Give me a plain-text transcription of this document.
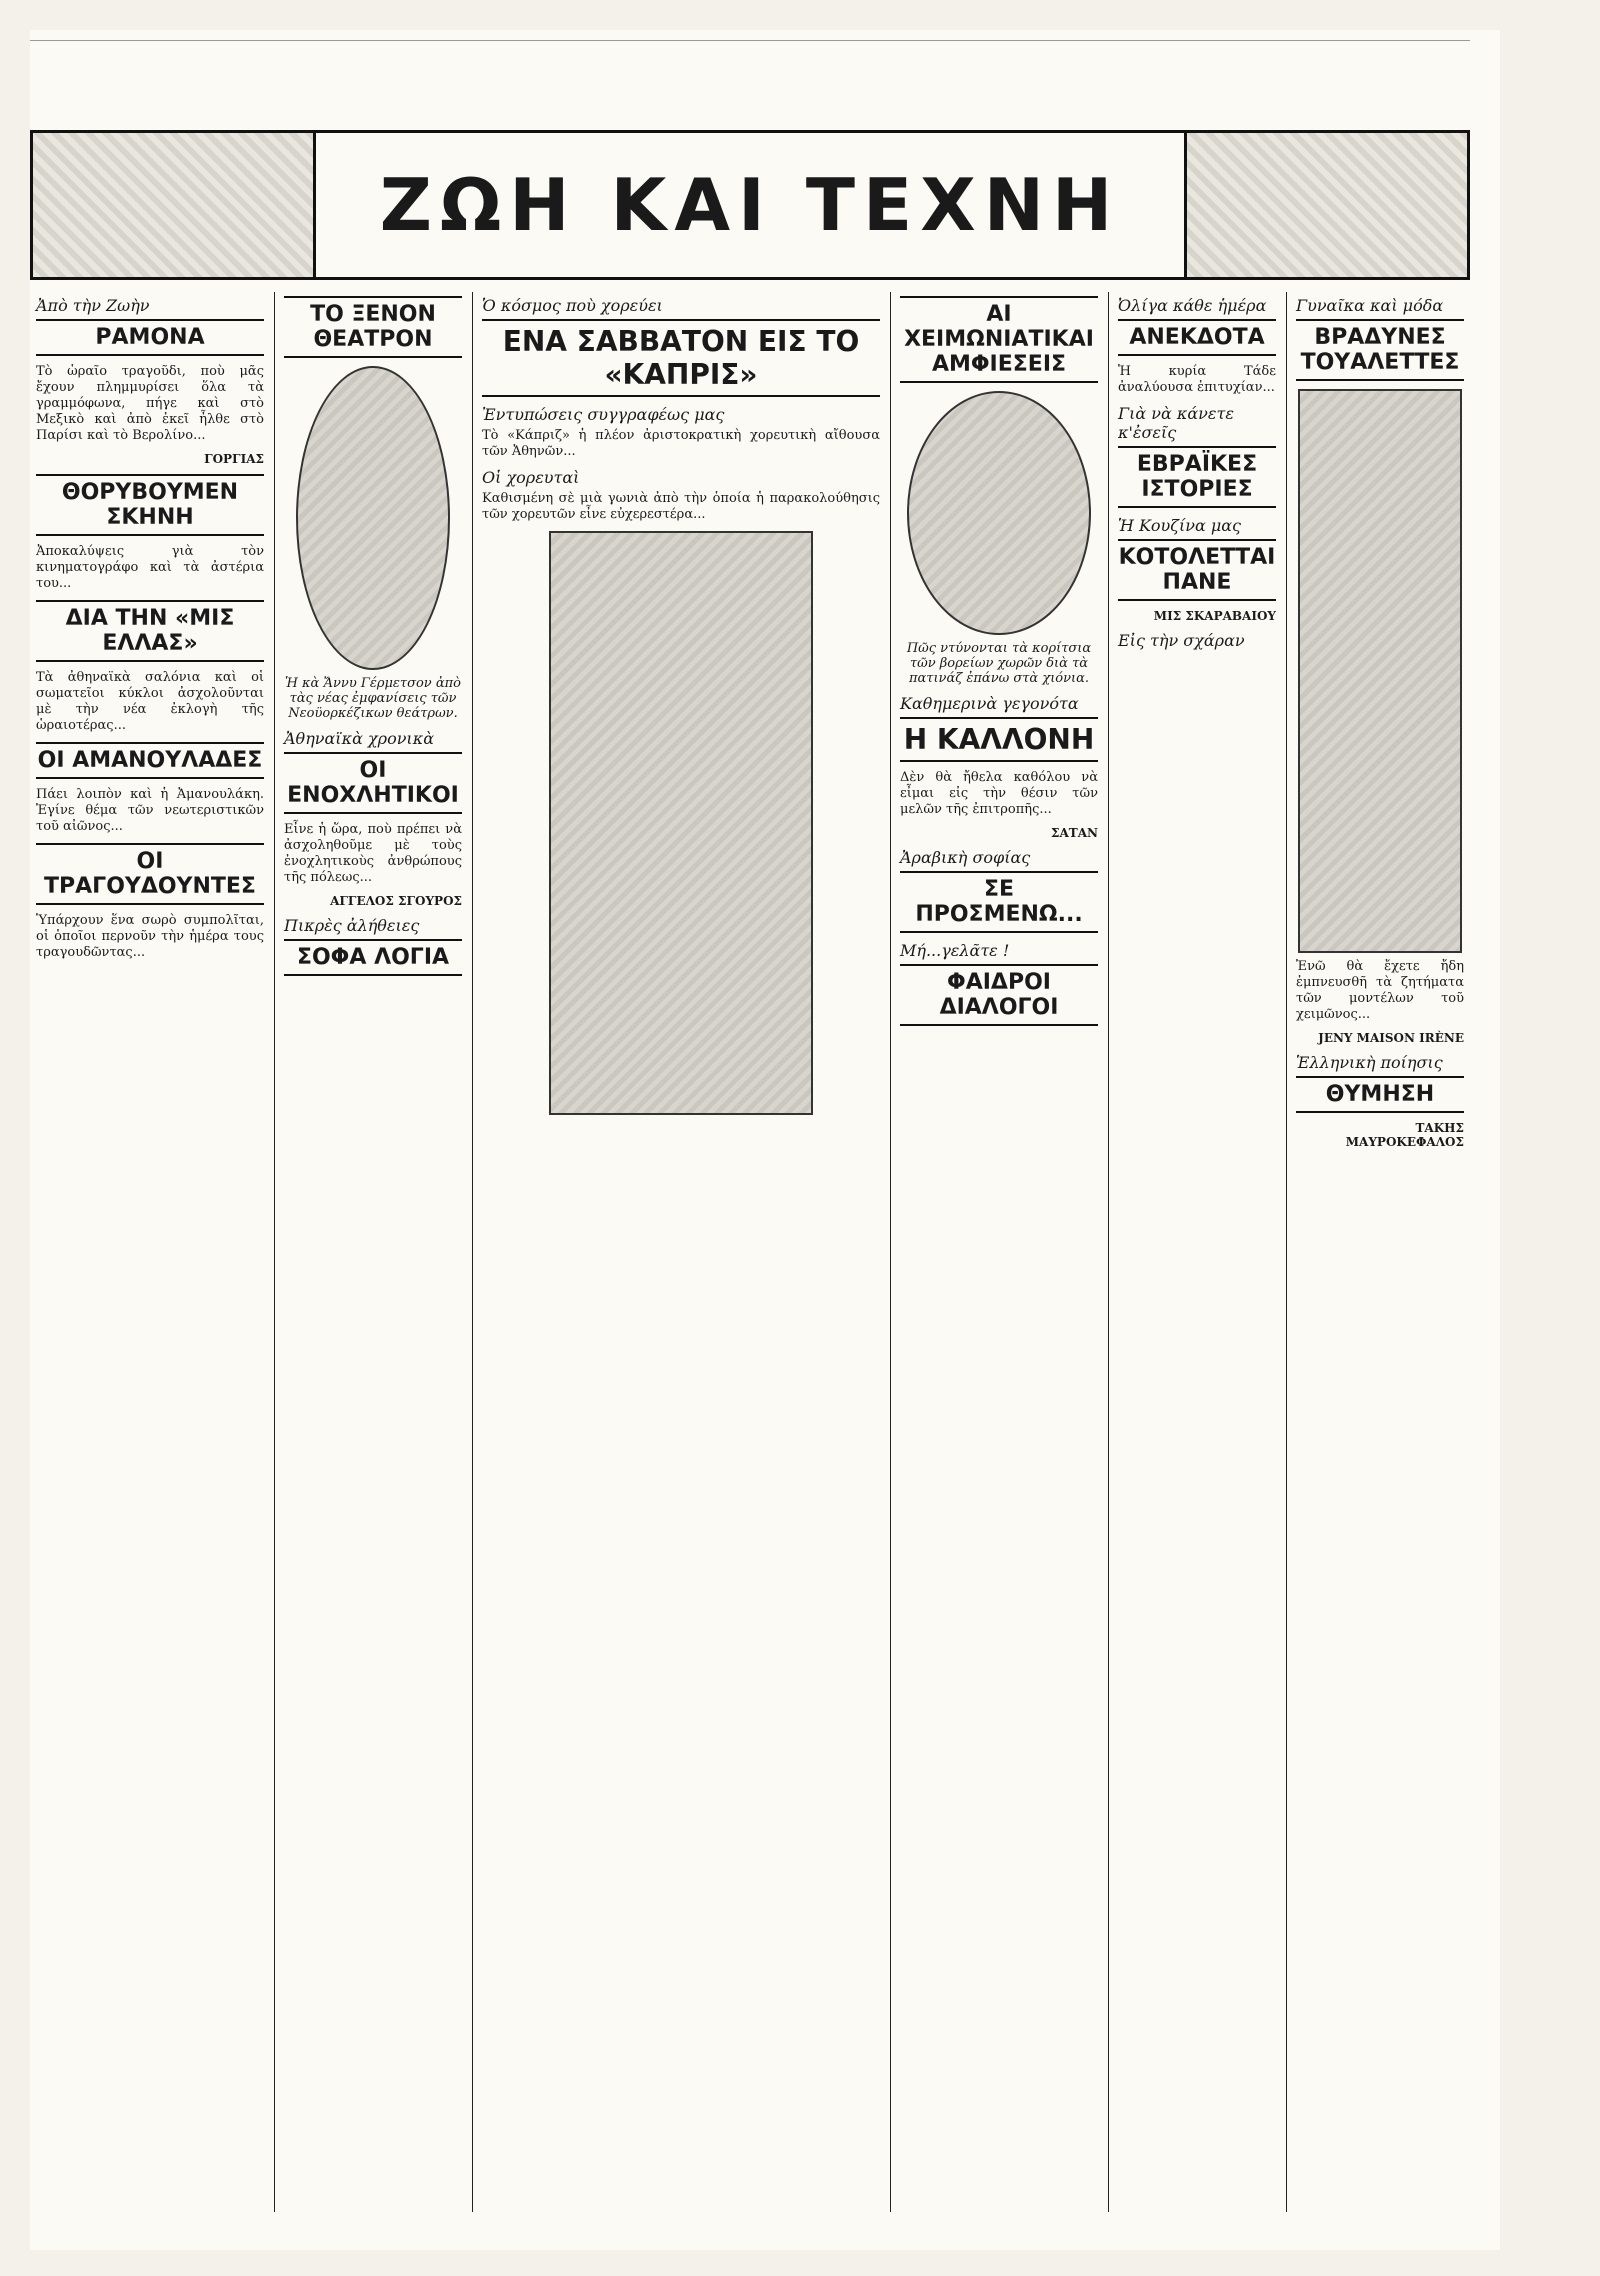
ΖΩΗ ΚΑΙ ΤΕΧΝΗ
Ἀπὸ τὴν Ζωὴν
ΡΑΜΟΝΑ

Τὸ ὡραῖο τραγοῦδι, ποὺ μᾶς ἔχουν πλημμυρίσει ὅλα τὰ γραμμόφωνα, πήγε καὶ στὸ Μεξικὸ καὶ ἀπὸ ἐκεῖ ἦλθε στὸ Παρίσι καὶ τὸ Βερολίνο...

ΓΟΡΓΙΑΣ
ΘΟΡΥΒΟΥΜΕΝ ΣΚΗΝΗ

Ἀποκαλύψεις γιὰ τὸν κινηματογράφο καὶ τὰ ἀστέρια του...

ΔΙΑ ΤΗΝ «ΜΙΣ ΕΛΛΑΣ»

Τὰ ἀθηναϊκὰ σαλόνια καὶ οἱ σωματεῖοι κύκλοι ἀσχολοῦνται μὲ τὴν νέα ἐκλογὴ τῆς ὡραιοτέρας...

ΟΙ ΑΜΑΝΟΥΛΑΔΕΣ

Πάει λοιπὸν καὶ ἡ Ἀμανουλάκη. Ἐγίνε θέμα τῶν νεωτεριστικῶν τοῦ αἰῶνος...

ΟΙ ΤΡΑΓΟΥΔΟΥΝΤΕΣ

Ὑπάρχουν ἕνα σωρὸ συμπολῖται, οἱ ὁποῖοι περνοῦν τὴν ἡμέρα τους τραγουδῶντας...

ΤΟ ΞΕΝΟΝ ΘΕΑΤΡΟΝ
Ἡ κὰ Ἄννυ Γέρμετσον ἀπὸ τὰς νέας ἐμφανίσεις τῶν Νεοϋορκέζικων θεάτρων.
Ἀθηναϊκὰ χρονικὰ
ΟΙ ΕΝΟΧΛΗΤΙΚΟΙ

Εἶνε ἡ ὥρα, ποὺ πρέπει νὰ ἀσχοληθοῦμε μὲ τοὺς ἐνοχλητικοὺς ἀνθρώπους τῆς πόλεως...

ΑΓΓΕΛΟΣ ΣΓΟΥΡΟΣ
Πικρὲς ἀλήθειες
ΣΟΦΑ ΛΟΓΙΑ
Ὁ κόσμος ποὺ χορεύει
ΕΝΑ ΣΑΒΒΑΤΟΝ ΕΙΣ ΤΟ «ΚΑΠΡΙΣ»
Ἐντυπώσεις συγγραφέως μας

Τὸ «Κάπριζ» ἡ πλέον ἀριστοκρατικὴ χορευτικὴ αἴθουσα τῶν Ἀθηνῶν...

Οἱ χορευταὶ

Καθισμένη σὲ μιὰ γωνιὰ ἀπὸ τὴν ὁποία ἡ παρακολούθησις τῶν χορευτῶν εἶνε εὐχερεστέρα...

ΑΙ ΧΕΙΜΩΝΙΑΤΙΚΑΙ ΑΜΦΙΕΣΕΙΣ
Πῶς ντύνονται τὰ κορίτσια τῶν βορείων χωρῶν διὰ τὰ πατινάζ ἐπάνω στὰ χιόνια.
Καθημερινὰ γεγονότα
Η ΚΑΛΛΟΝΗ

Δὲν θὰ ἤθελα καθόλου νὰ εἶμαι εἰς τὴν θέσιν τῶν μελῶν τῆς ἐπιτροπῆς...

ΣΑΤΑΝ
Ἀραβικὴ σοφίας
ΣΕ ΠΡΟΣΜΕΝΩ...
Μή...γελᾶτε !
ΦΑΙΔΡΟΙ ΔΙΑΛΟΓΟΙ
Ὀλίγα κάθε ἡμέρα
ΑΝΕΚΔΟΤΑ

Ἡ κυρία Τάδε ἀναλύουσα ἐπιτυχίαν...

Γιὰ νὰ κάνετε κ'ἐσεῖς
ΕΒΡΑΪΚΕΣ ΙΣΤΟΡΙΕΣ
Ἡ Κουζίνα μας
ΚΟΤΟΛΕΤΤΑΙ ΠΑΝΕ
ΜΙΣ ΣΚΑΡΑΒΑΙΟΥ
Εἰς τὴν σχάραν
Γυναῖκα καὶ μόδα
ΒΡΑΔΥΝΕΣ ΤΟΥΑΛΕΤΤΕΣ

Ἐνῶ θὰ ἔχετε ἤδη ἐμπνευσθῆ τὰ ζητήματα τῶν μοντέλων τοῦ χειμῶνος...

JENY MAISON IRÈNE
Ἑλληνικὴ ποίησις
ΘΥΜΗΣΗ
ΤΑΚΗΣ ΜΑΥΡΟΚΕΦΑΛΟΣ
